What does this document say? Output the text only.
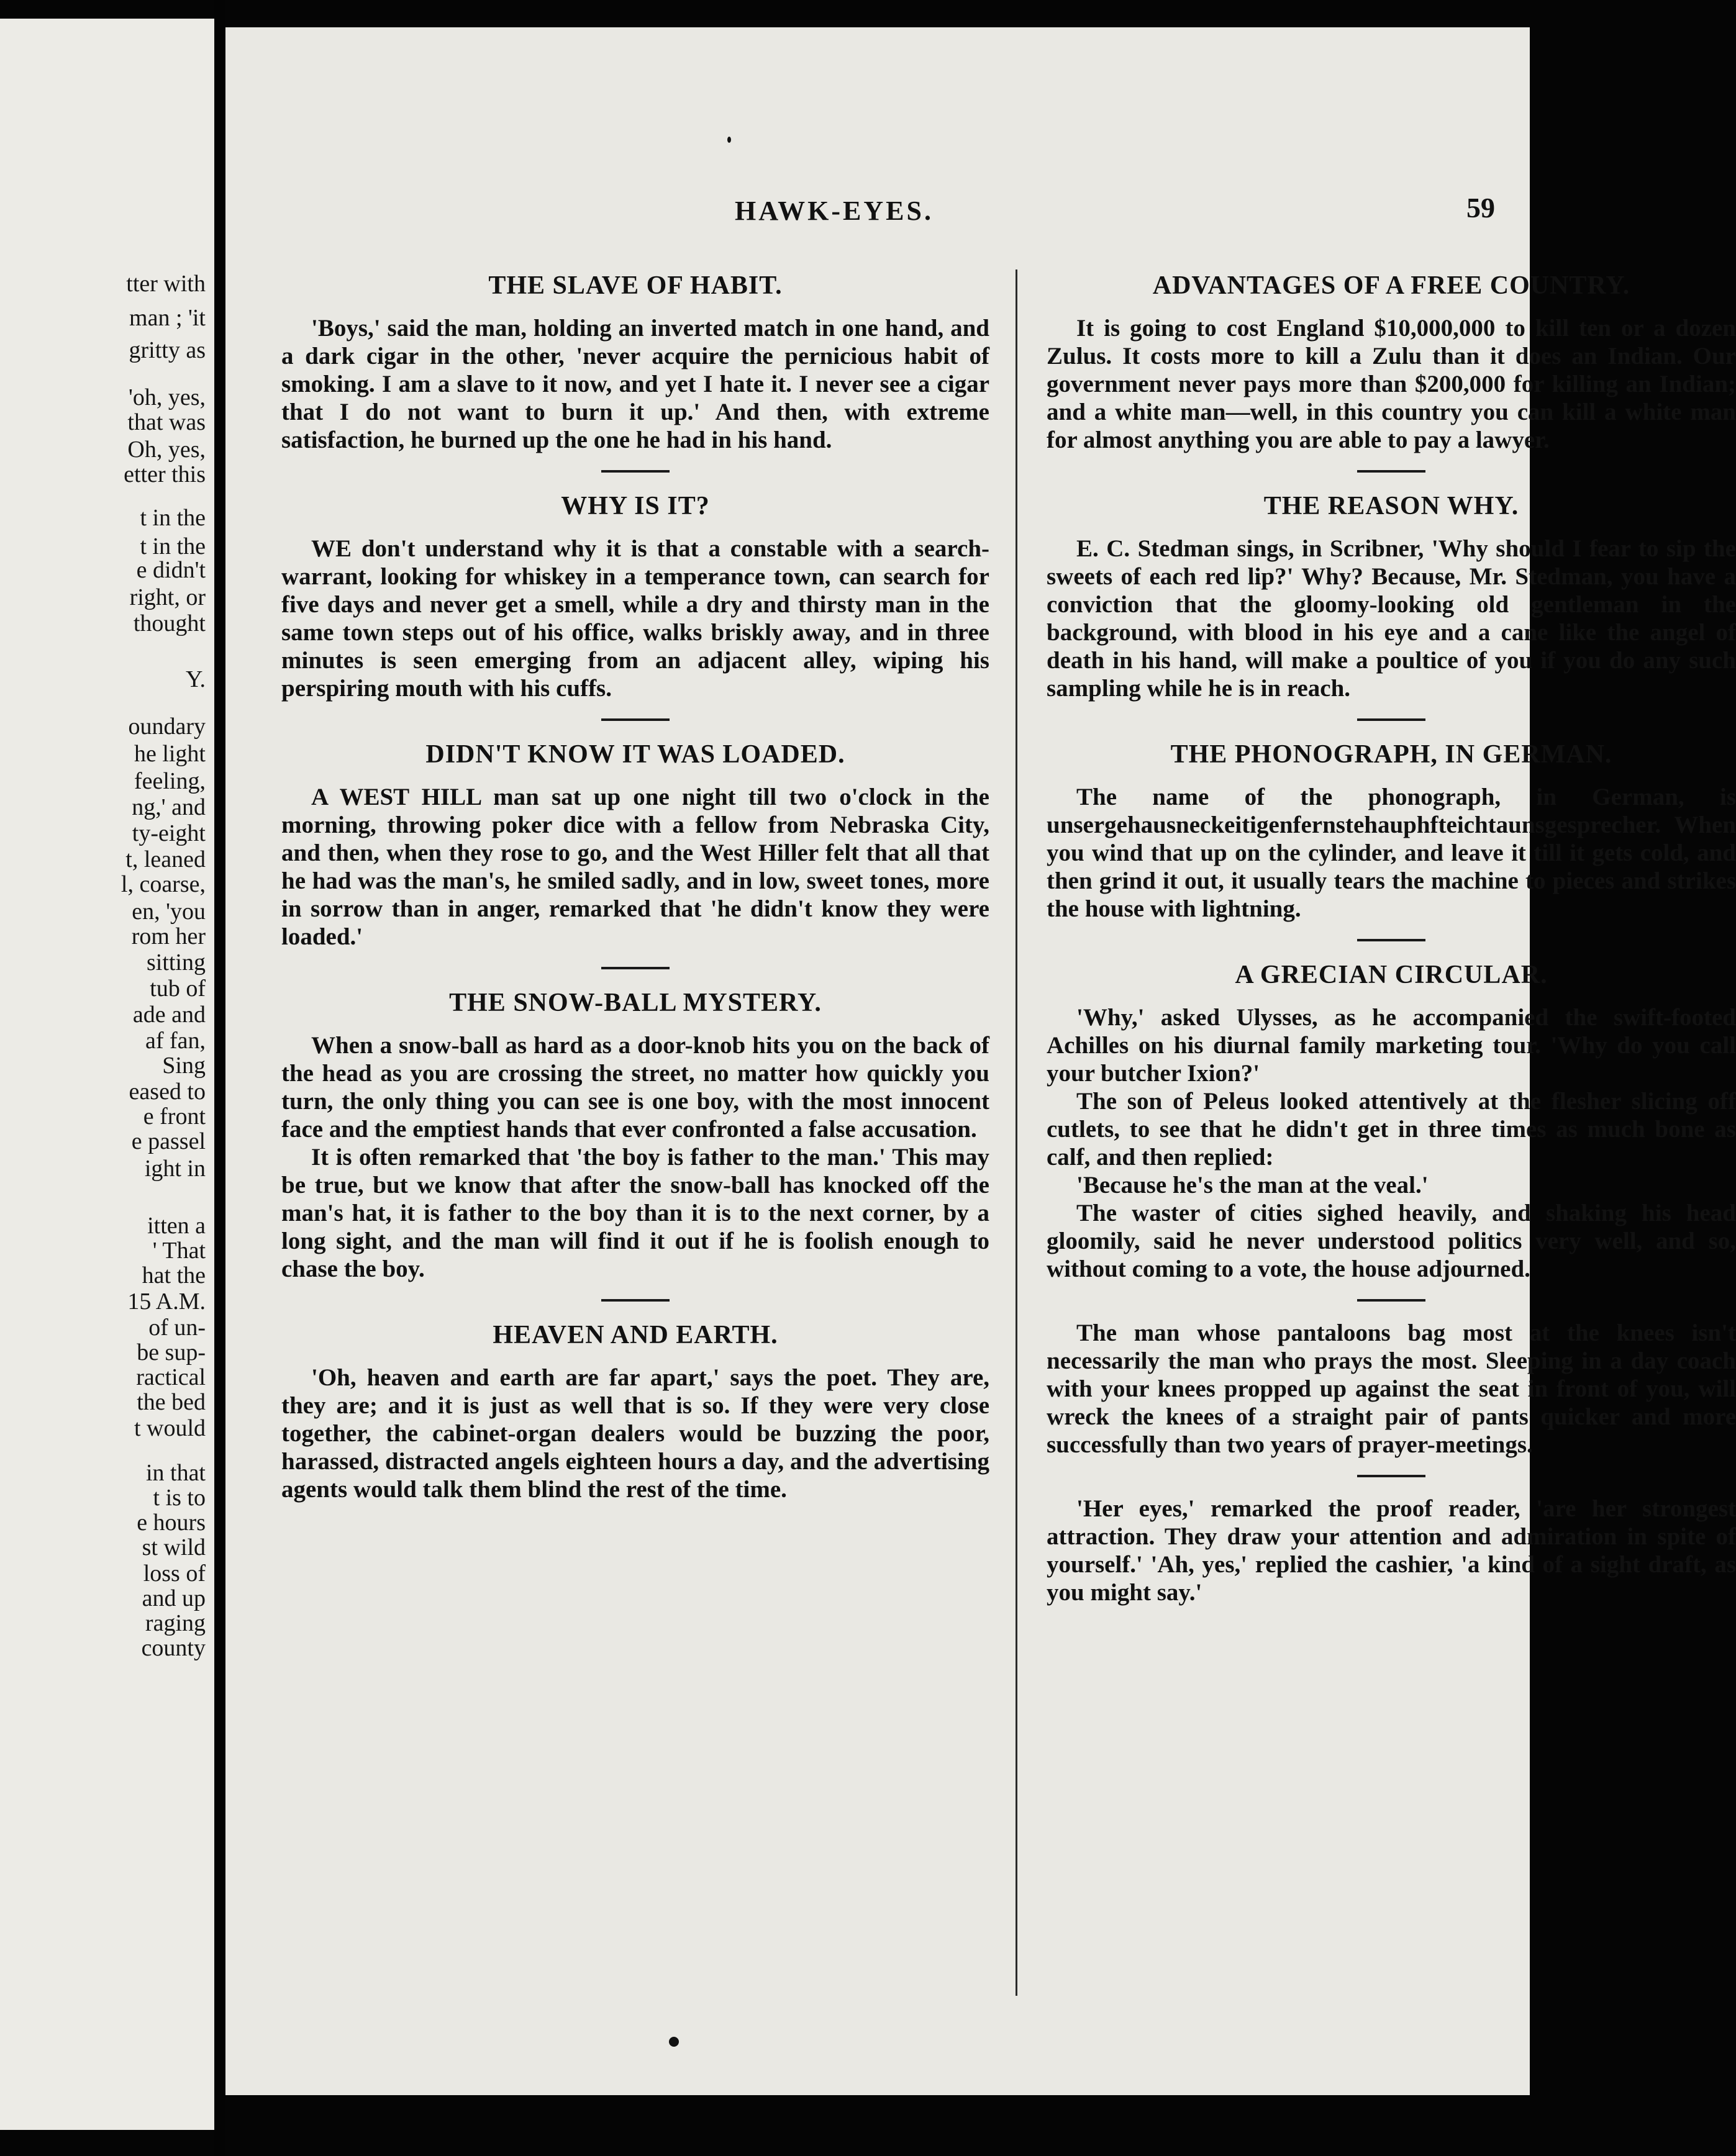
tter with

man ; 'it

gritty as

'oh, yes,

that was

Oh, yes,

etter this

t in the

t in the

e didn't

right, or

thought

Y.

oundary

he light

feeling,

ng,' and

ty-eight

t, leaned

l, coarse,

en, 'you

rom her

sitting

tub of

ade and

af fan,

Sing

eased to

e front

e passel

ight in

itten a

' That

hat the

15 A.M.

of un-

be sup-

ractical

the bed

t would

in that

t is to

e hours

st wild

loss of

and up

raging

county

HAWK-EYES.	59
THE SLAVE OF HABIT.

'Boys,' said the man, holding an inverted match in one hand, and a dark cigar in the other, 'never acquire the pernicious habit of smoking. I am a slave to it now, and yet I hate it. I never see a cigar that I do not want to burn it up.' And then, with extreme satisfaction, he burned up the one he had in his hand.

WHY IS IT?

WE don't understand why it is that a constable with a search-warrant, looking for whiskey in a temperance town, can search for five days and never get a smell, while a dry and thirsty man in the same town steps out of his office, walks briskly away, and in three minutes is seen emerging from an adjacent alley, wiping his perspiring mouth with his cuffs.

DIDN'T KNOW IT WAS LOADED.

A WEST HILL man sat up one night till two o'clock in the morning, throwing poker dice with a fellow from Nebraska City, and then, when they rose to go, and the West Hiller felt that all that he had was the man's, he smiled sadly, and in low, sweet tones, more in sorrow than in anger, remarked that 'he didn't know they were loaded.'

THE SNOW-BALL MYSTERY.

When a snow-ball as hard as a door-knob hits you on the back of the head as you are crossing the street, no matter how quickly you turn, the only thing you can see is one boy, with the most innocent face and the emptiest hands that ever confronted a false accusation.

It is often remarked that 'the boy is father to the man.' This may be true, but we know that after the snow-ball has knocked off the man's hat, it is father to the boy than it is to the next corner, by a long sight, and the man will find it out if he is foolish enough to chase the boy.

HEAVEN AND EARTH.

'Oh, heaven and earth are far apart,' says the poet. They are, they are; and it is just as well that is so. If they were very close together, the cabinet-organ dealers would be buzzing the poor, harassed, distracted angels eighteen hours a day, and the advertising agents would talk them blind the rest of the time.

ADVANTAGES OF A FREE COUNTRY.

It is going to cost England $10,000,000 to kill ten or a dozen Zulus. It costs more to kill a Zulu than it does an Indian. Our government never pays more than $200,000 for killing an Indian; and a white man—well, in this country you can kill a white man for almost anything you are able to pay a lawyer.

THE REASON WHY.

E. C. Stedman sings, in Scribner, 'Why should I fear to sip the sweets of each red lip?' Why? Because, Mr. Stedman, you have a conviction that the gloomy-looking old gentleman in the background, with blood in his eye and a cane like the angel of death in his hand, will make a poultice of you if you do any such sampling while he is in reach.

THE PHONOGRAPH, IN GERMAN.

The name of the phonograph, in German, is unsergehausneckeitigenfernstehauphfteichtaunsgesprecher. When you wind that up on the cylinder, and leave it till it gets cold, and then grind it out, it usually tears the machine to pieces and strikes the house with lightning.

A GRECIAN CIRCULAR.

'Why,' asked Ulysses, as he accompanied the swift-footed Achilles on his diurnal family marketing tour. 'Why do you call your butcher Ixion?'

The son of Peleus looked attentively at the flesher slicing off cutlets, to see that he didn't get in three times as much bone as calf, and then replied:

'Because he's the man at the veal.'

The waster of cities sighed heavily, and shaking his head gloomily, said he never understood politics very well, and so, without coming to a vote, the house adjourned.

The man whose pantaloons bag most at the knees isn't necessarily the man who prays the most. Sleeping in a day coach with your knees propped up against the seat in front of you, will wreck the knees of a straight pair of pants quicker and more successfully than two years of prayer-meetings.

'Her eyes,' remarked the proof reader, 'are her strongest attraction. They draw your attention and admiration in spite of yourself.' 'Ah, yes,' replied the cashier, 'a kind of a sight draft, as you might say.'
